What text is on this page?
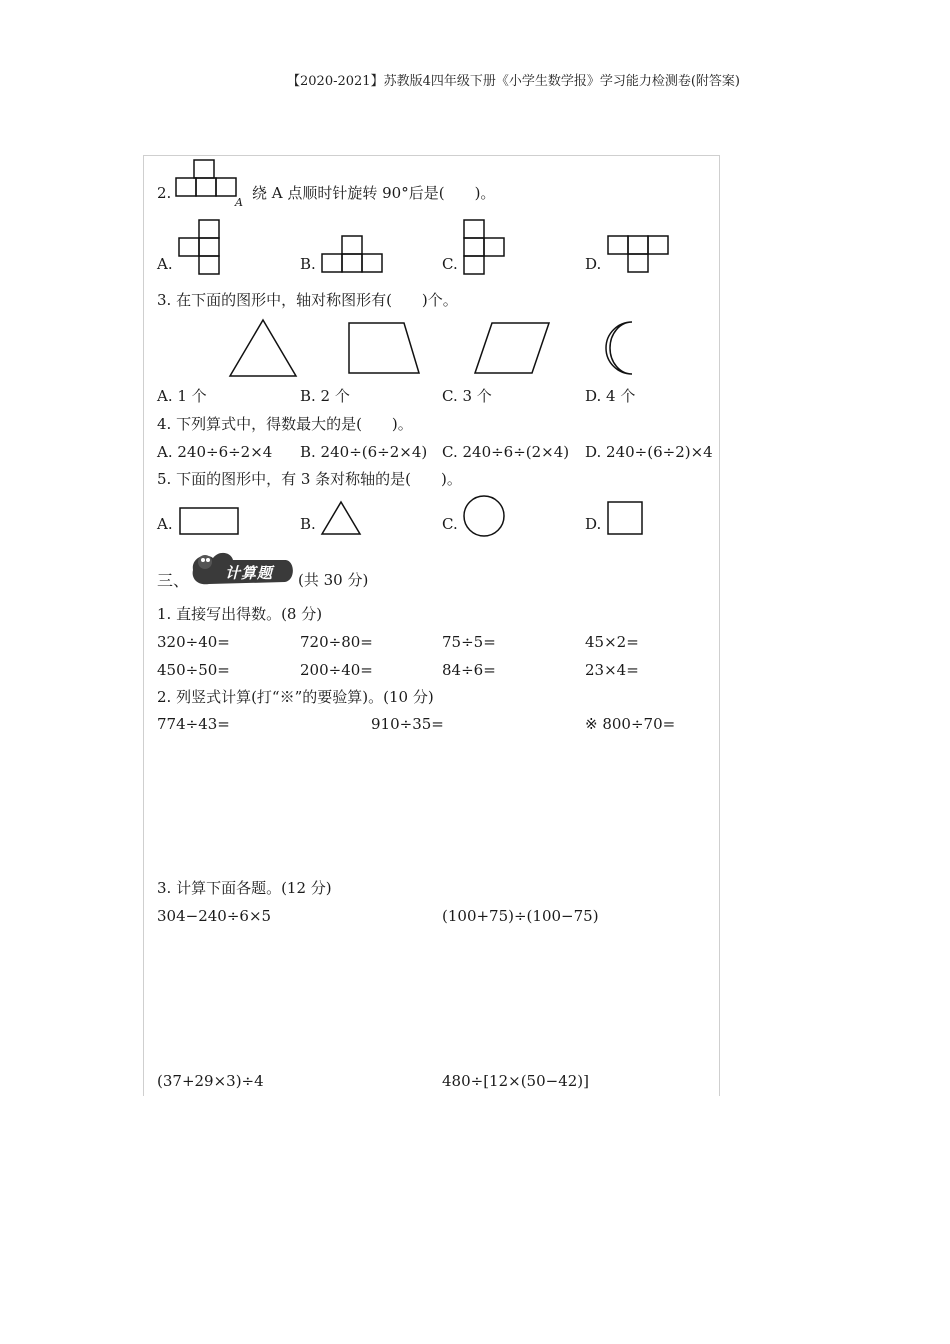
【2020-2021】苏教版4四年级下册《小学生数学报》学习能力检测卷(附答案)
2.
A
绕 A 点顺时针旋转 90°后是(　　)。
A.	B.	C.	D.
3. 在下面的图形中，轴对称图形有(　　)个。
A. 1 个	B. 2 个	C. 3 个	D. 4 个
4. 下列算式中，得数最大的是(　　)。
A. 240÷6÷2×4 B. 240÷(6÷2×4) C. 240÷6÷(2×4) D. 240÷(6÷2)×4
5. 下面的图形中，有 3 条对称轴的是(　　)。
A.	B.	C.	D.
三、 计算题 (共 30 分)
1. 直接写出得数。(8 分)
320÷40=	720÷80=	75÷5=	45×2=
450÷50=	200÷40=	84÷6=	23×4=
2. 列竖式计算(打“※”的要验算)。(10 分)
774÷43=	910÷35=	※ 800÷70=
3. 计算下面各题。(12 分)
304−240÷6×5	(100+75)÷(100−75)
(37+29×3)÷4	480÷[12×(50−42)]
